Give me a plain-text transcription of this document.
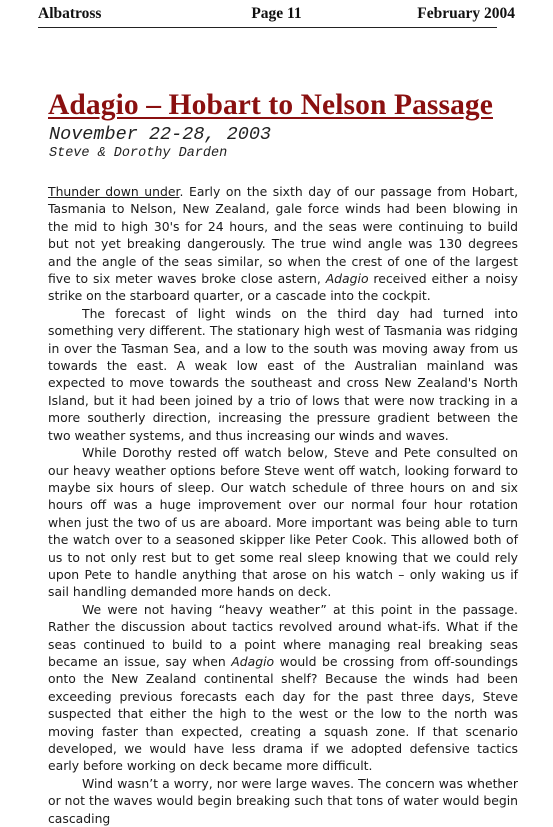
Albatross	Page 11	February 2004
Adagio – Hobart to Nelson Passage
November 22-28, 2003
Steve & Dorothy Darden

Thunder down under. Early on the sixth day of our passage from Hobart, Tasmania to Nelson, New Zealand, gale force winds had been blowing in the mid to high 30's for 24 hours, and the seas were continuing to build but not yet breaking dangerously. The true wind angle was 130 degrees and the angle of the seas similar, so when the crest of one of the largest five to six meter waves broke close astern, Adagio received either a noisy strike on the starboard quarter, or a cascade into the cockpit.

The forecast of light winds on the third day had turned into something very different. The stationary high west of Tasmania was ridging in over the Tasman Sea, and a low to the south was moving away from us towards the east. A weak low east of the Australian mainland was expected to move towards the southeast and cross New Zealand's North Island, but it had been joined by a trio of lows that were now tracking in a more southerly direction, increasing the pressure gradient between the two weather systems, and thus increasing our winds and waves.

While Dorothy rested off watch below, Steve and Pete consulted on our heavy weather options before Steve went off watch, looking forward to maybe six hours of sleep. Our watch schedule of three hours on and six hours off was a huge improvement over our normal four hour rotation when just the two of us are aboard. More important was being able to turn the watch over to a seasoned skipper like Peter Cook. This allowed both of us to not only rest but to get some real sleep knowing that we could rely upon Pete to handle anything that arose on his watch – only waking us if sail handling demanded more hands on deck.

We were not having “heavy weather” at this point in the passage. Rather the discussion about tactics revolved around what-ifs. What if the seas continued to build to a point where managing real breaking seas became an issue, say when Adagio would be crossing from off-soundings onto the New Zealand continental shelf? Because the winds had been exceeding previous forecasts each day for the past three days, Steve suspected that either the high to the west or the low to the north was moving faster than expected, creating a squash zone. If that scenario developed, we would have less drama if we adopted defensive tactics early before working on deck became more difficult.

Wind wasn’t a worry, nor were large waves. The concern was whether or not the waves would begin breaking such that tons of water would begin cascading
